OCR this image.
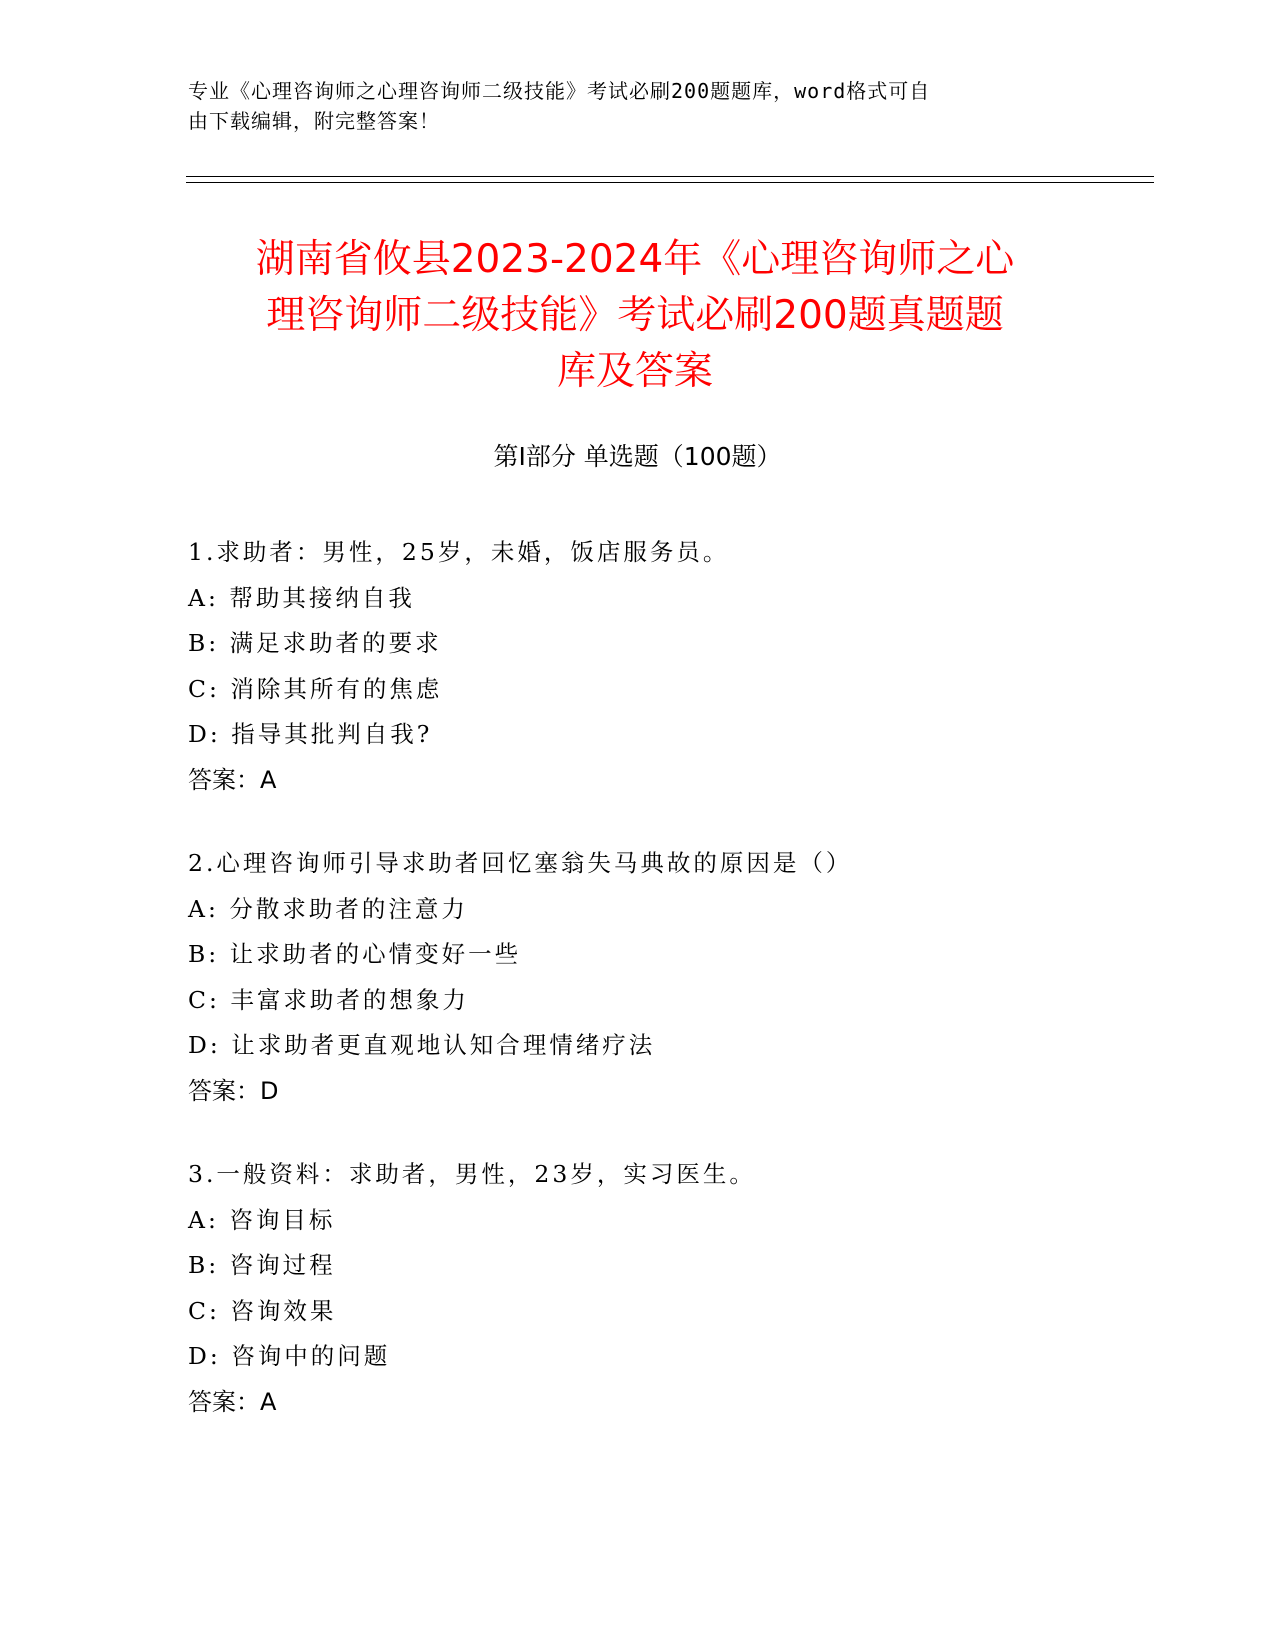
专业《心理咨询师之心理咨询师二级技能》考试必刷200题题库，word格式可自
由下载编辑，附完整答案！
湖南省攸县2023-2024年《心理咨询师之心
理咨询师二级技能》考试必刷200题真题题
库及答案
第Ⅰ部分 单选题（100题）
1.求助者：男性，25岁，未婚，饭店服务员。
A: 帮助其接纳自我
B: 满足求助者的要求
C: 消除其所有的焦虑
D: 指导其批判自我?
答案：A
2.心理咨询师引导求助者回忆塞翁失马典故的原因是（）
A: 分散求助者的注意力
B: 让求助者的心情变好一些
C: 丰富求助者的想象力
D: 让求助者更直观地认知合理情绪疗法
答案：D
3.一般资料：求助者，男性，23岁，实习医生。
A: 咨询目标
B: 咨询过程
C: 咨询效果
D: 咨询中的问题
答案：A
